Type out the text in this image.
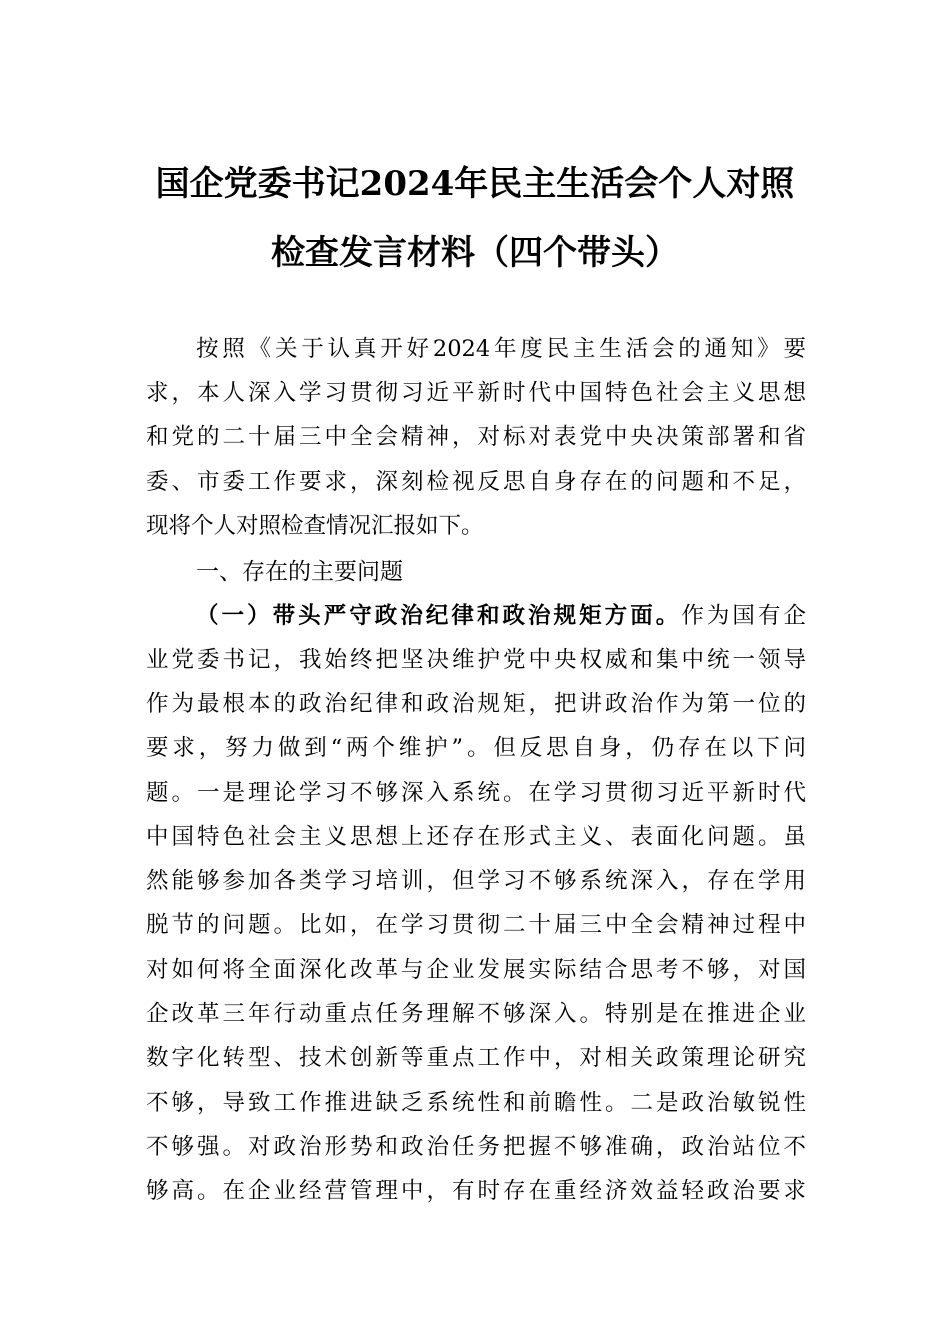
国企党委书记2024年民主生活会个人对照
检查发言材料（四个带头）
按照《关于认真开好2024年度民主生活会的通知》要
求，本人深入学习贯彻习近平新时代中国特色社会主义思想
和党的二十届三中全会精神，对标对表党中央决策部署和省
委、市委工作要求，深刻检视反思自身存在的问题和不足，
现将个人对照检查情况汇报如下。
一、存在的主要问题
（一）带头严守政治纪律和政治规矩方面。作为国有企
业党委书记，我始终把坚决维护党中央权威和集中统一领导
作为最根本的政治纪律和政治规矩，把讲政治作为第一位的
要求，努力做到“两个维护”。但反思自身，仍存在以下问
题。一是理论学习不够深入系统。在学习贯彻习近平新时代
中国特色社会主义思想上还存在形式主义、表面化问题。虽
然能够参加各类学习培训，但学习不够系统深入，存在学用
脱节的问题。比如，在学习贯彻二十届三中全会精神过程中
对如何将全面深化改革与企业发展实际结合思考不够，对国
企改革三年行动重点任务理解不够深入。特别是在推进企业
数字化转型、技术创新等重点工作中，对相关政策理论研究
不够，导致工作推进缺乏系统性和前瞻性。二是政治敏锐性
不够强。对政治形势和政治任务把握不够准确，政治站位不
够高。在企业经营管理中，有时存在重经济效益轻政治要求
